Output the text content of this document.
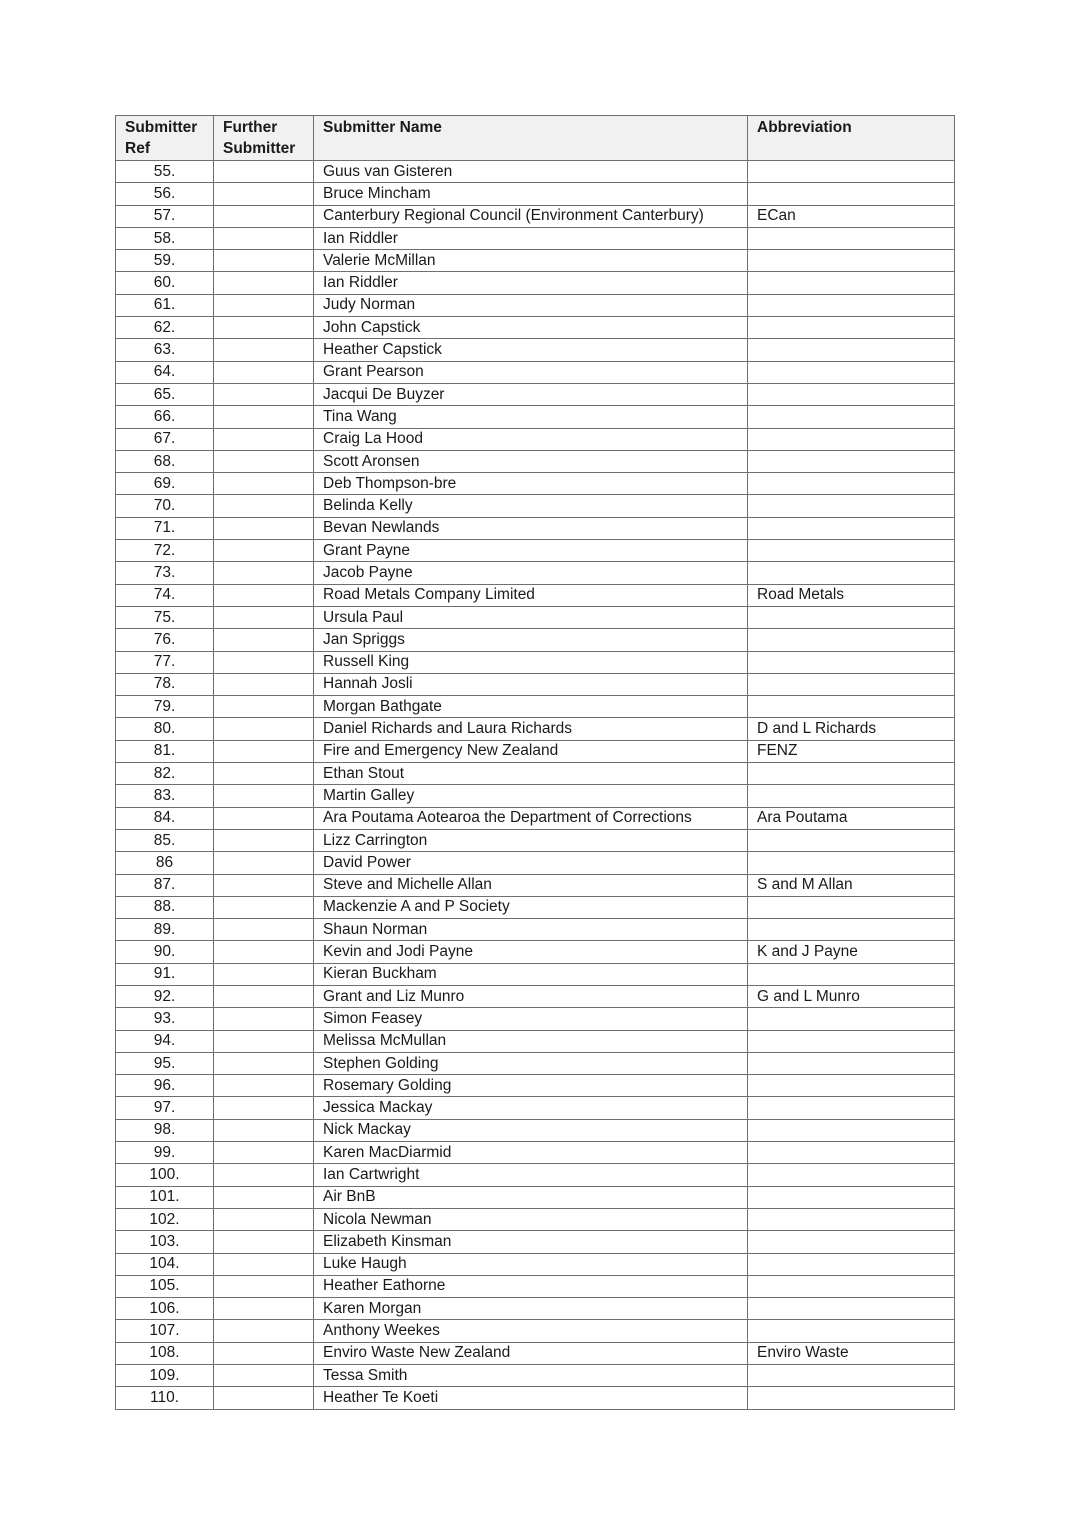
Submitter Ref	Further Submitter	Submitter Name	Abbreviation
55.		Guus van Gisteren	
56.		Bruce Mincham	
57.		Canterbury Regional Council (Environment Canterbury)	ECan
58.		Ian Riddler	
59.		Valerie McMillan	
60.		Ian Riddler	
61.		Judy Norman	
62.		John Capstick	
63.		Heather Capstick	
64.		Grant Pearson	
65.		Jacqui De Buyzer	
66.		Tina Wang	
67.		Craig La Hood	
68.		Scott Aronsen	
69.		Deb Thompson-bre	
70.		Belinda Kelly	
71.		Bevan Newlands	
72.		Grant Payne	
73.		Jacob Payne	
74.		Road Metals Company Limited	Road Metals
75.		Ursula Paul	
76.		Jan Spriggs	
77.		Russell King	
78.		Hannah Josli	
79.		Morgan Bathgate	
80.		Daniel Richards and Laura Richards	D and L Richards
81.		Fire and Emergency New Zealand	FENZ
82.		Ethan Stout	
83.		Martin Galley	
84.		Ara Poutama Aotearoa the Department of Corrections	Ara Poutama
85.		Lizz Carrington	
86		David Power	
87.		Steve and Michelle Allan	S and M Allan
88.		Mackenzie A and P Society	
89.		Shaun Norman	
90.		Kevin and Jodi Payne	K and J Payne
91.		Kieran Buckham	
92.		Grant and Liz Munro	G and L Munro
93.		Simon Feasey	
94.		Melissa McMullan	
95.		Stephen Golding	
96.		Rosemary Golding	
97.		Jessica Mackay	
98.		Nick Mackay	
99.		Karen MacDiarmid	
100.		Ian Cartwright	
101.		Air BnB	
102.		Nicola Newman	
103.		Elizabeth Kinsman	
104.		Luke Haugh	
105.		Heather Eathorne	
106.		Karen Morgan	
107.		Anthony Weekes	
108.		Enviro Waste New Zealand	Enviro Waste
109.		Tessa Smith	
110.		Heather Te Koeti	
